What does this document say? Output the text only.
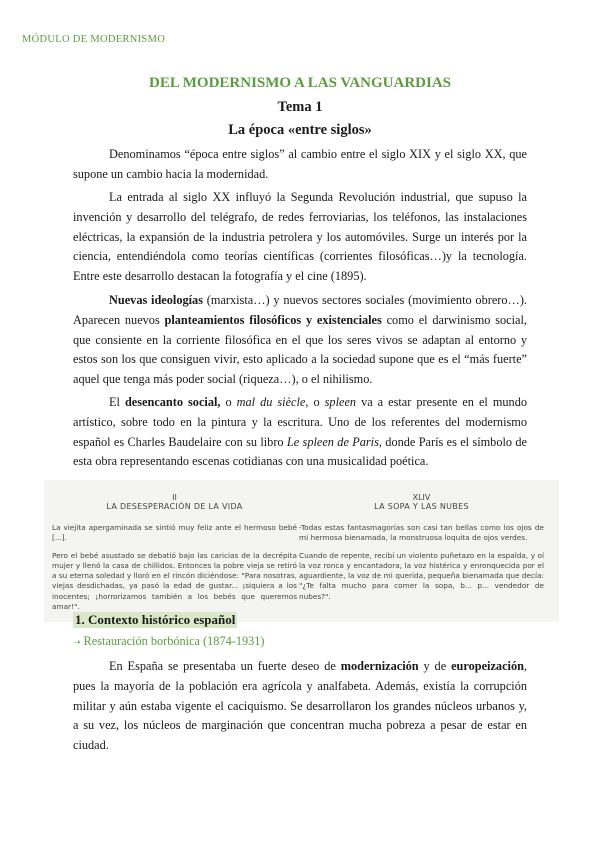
MÓDULO DE MODERNISMO
DEL MODERNISMO A LAS VANGUARDIAS
Tema 1
La época «entre siglos»

Denominamos “época entre siglos” al cambio entre el siglo XIX y el siglo XX, que supone un cambio hacia la modernidad.

La entrada al siglo XX influyó la Segunda Revolución industrial, que supuso la invención y desarrollo del telégrafo, de redes ferroviarias, los teléfonos, las instalaciones eléctricas, la expansión de la industria petrolera y los automóviles. Surge un interés por la ciencia, entendiéndola como teorías científicas (corrientes filosóficas…)y la tecnología. Entre este desarrollo destacan la fotografía y el cine (1895).

Nuevas ideologías (marxista…) y nuevos sectores sociales (movimiento obrero…). Aparecen nuevos planteamientos filosóficos y existenciales como el darwinismo social, que consiente en la corriente filosófica en el que los seres vivos se adaptan al entorno y estos son los que consiguen vivir, esto aplicado a la sociedad supone que es el “más fuerte” aquel que tenga más poder social (riqueza…), o el nihilismo.

El desencanto social, o mal du siècle, o spleen va a estar presente en el mundo artístico, sobre todo en la pintura y la escritura. Uno de los referentes del modernismo español es Charles Baudelaire con su libro Le spleen de Paris, donde París es el símbolo de esta obra representando escenas cotidianas con una musicalidad poética.

II
LA DESESPERACIÓN DE LA VIDA

La viejita apergaminada se sintió muy feliz ante el hermoso bebé [...].

Pero el bebé asustado se debatió bajo las caricias de la decrépita mujer y llenó la casa de chillidos. Entonces la pobre vieja se retiró a su eterna soledad y lloró en el rincón diciéndose: "Para nosotras, viejas desdichadas, ya pasó la edad de gustar... ¡siquiera a los inocentes; ¡horrorizamos también a los bebés que queremos amar!".

XLIV
LA SOPA Y LAS NUBES

-Todas estas fantasmagorías son casi tan bellas como los ojos de mi hermosa bienamada, la monstruosa loquita de ojos verdes.

Cuando de repente, recibí un violento puñetazo en la espalda, y oí la voz ronca y encantadora, la voz histérica y enronquecida por el aguardiente, la voz de mi querida, pequeña bienamada que decía: "¿Te falta mucho para comer la sopa, b... p... vendedor de nubes?".

1. Contexto histórico español
➝ Restauración borbónica (1874-1931)

En España se presentaba un fuerte deseo de modernización y de europeización, pues la mayoría de la población era agrícola y analfabeta. Además, existía la corrupción militar y aún estaba vigente el caciquismo. Se desarrollaron los grandes núcleos urbanos y, a su vez, los núcleos de marginación que concentran mucha pobreza a pesar de estar en ciudad.
